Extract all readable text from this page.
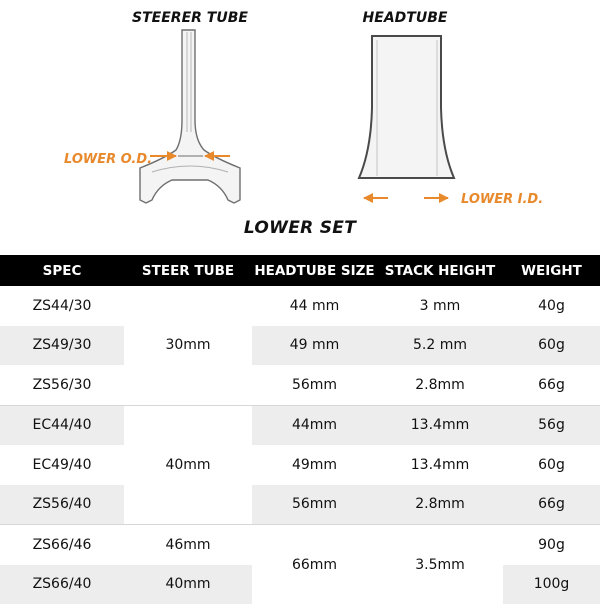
STEERER TUBE	HEADTUBE
LOWER O.D.
LOWER I.D.
LOWER SET
SPEC	STEER TUBE	HEADTUBE SIZE	STACK HEIGHT	WEIGHT
ZS44/30	30mm	44 mm	3 mm	40g
ZS49/30		49 mm	5.2 mm	60g
ZS56/30		56mm	2.8mm	66g
EC44/40	40mm	44mm	13.4mm	56g
EC49/40		49mm	13.4mm	60g
ZS56/40		56mm	2.8mm	66g
ZS66/46	46mm	66mm	3.5mm	90g
ZS66/40	40mm			100g
